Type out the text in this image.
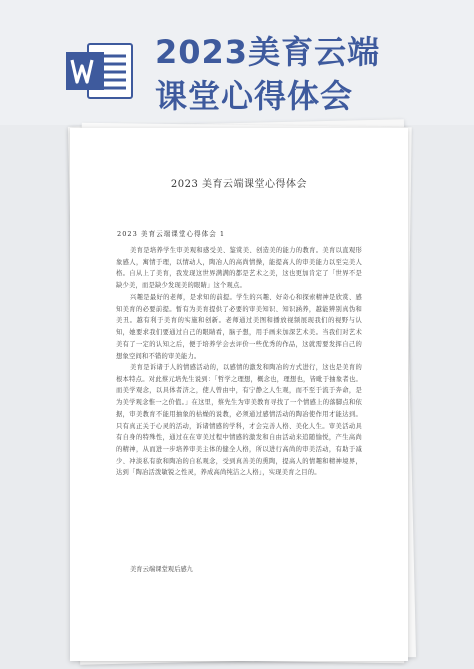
2023美育云端
课堂心得体会
2023 美育云端课堂心得体会
2023 美育云端课堂心得体会 1
美育是培养学生审美观和感受美、鉴赏美、创造美的能力的教育。美育以直观形象感人，寓情于理，以情动人，陶冶人的高尚情操，能提高人的审美能力以至完美人格。自从上了美育，我发现这世界满满的都是艺术之美，这也更加肯定了「世界不是缺少美，而是缺少发现美的眼睛」这个观点。
兴趣是最好的老师，是求知的前提。学生的兴趣、好奇心和探索精神是欣赏、感知美育的必要前提。暂有为美育提供了必要的审美知识、知识涵养，越能辨别真伪和美丑。越有利于美育的实施和创新。老师通过美图和播放视频展现我们的视野与认知，她要求我们要通过自己的眼睛看，脑子想，用手画来加深艺术美。当我们对艺术美有了一定的认知之后，便于培养学会去评价一些优秀的作品，这就需要发挥自己的想象空间和不错的审美能力。
美育是诉诸于人的情感活动的，以感情的激发和陶冶的方式进行，这也是美育的根本特点。对此蔡元培先生说到：「哲学之理想，概念也，理想也，皆毗于抽象者也。而美学观念，以具体者济之，使人曾由中，有宁静之人生观，而不至于流于奔命，是为美学观念惟一之价值。」在这里，蔡先生为审美教育寻找了一个情感上的落脚点和依据，审美教育不能用抽象的枯燥的说教，必须通过感情活动的陶冶使作用才能达到。只有真正关于心灵的活动，诉诸情感的学科，才会完善人格、美化人生。审美活动具有自身的特殊性，通过在在审美过程中情感的激发和自由活动来追随愉悦，产生高尚的精神，从而进一步培养审美主体的健全人格，所以进行高尚的审美活动，有助于减少、冲淡私有欲和陶冶的自私观念，受到真善美的熏陶，提高人的情趣和精神境界，达到「陶冶活泼敏锐之性灵，养成高尚纯洁之人格」，实现美育之目的。
美育云端课堂观后感九
